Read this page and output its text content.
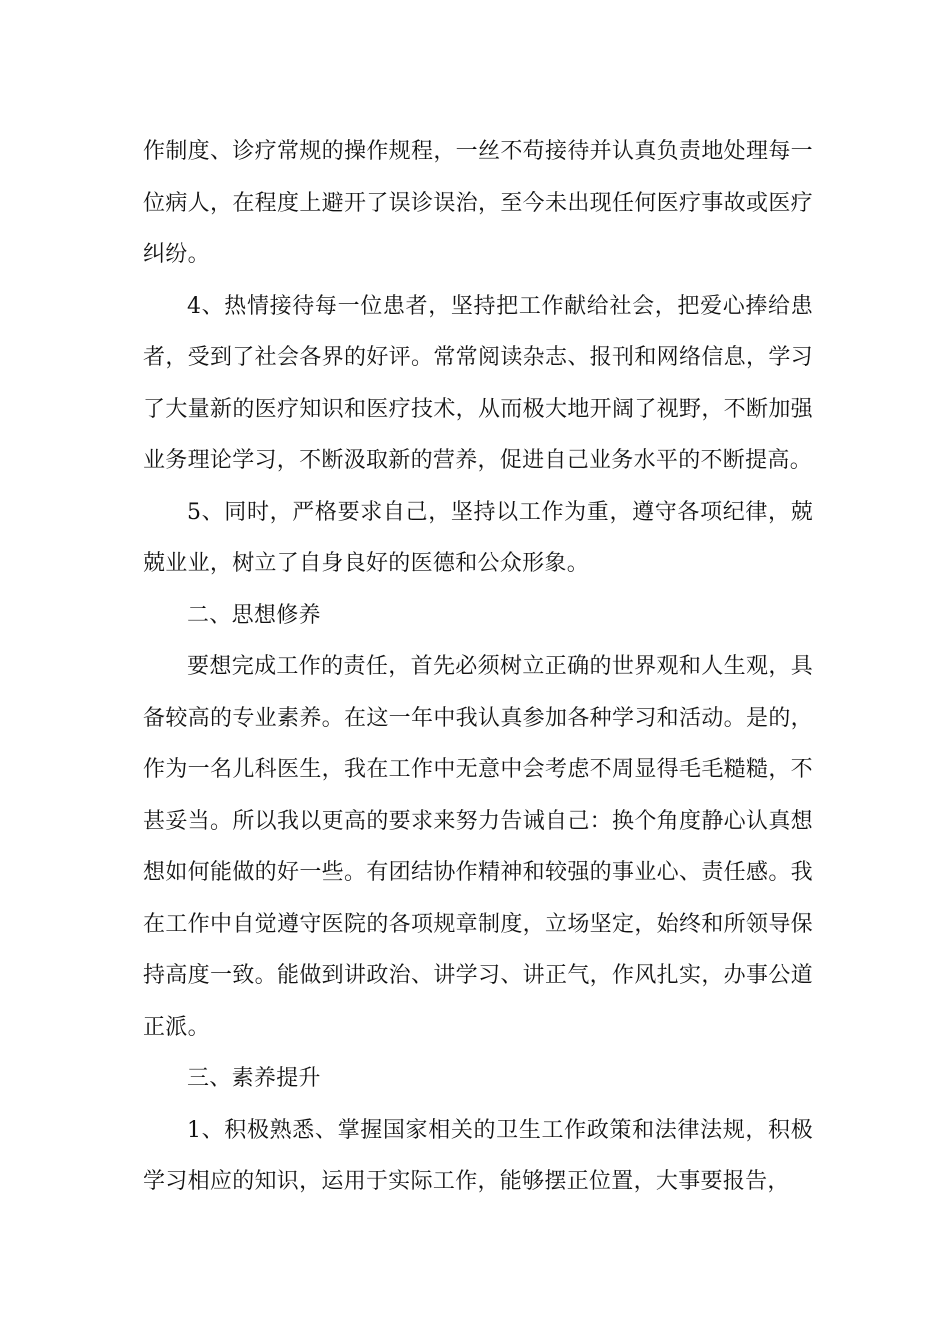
作制度、诊疗常规的操作规程，一丝不苟接待并认真负责地处理每一位病人，在程度上避开了误诊误治，至今未出现任何医疗事故或医疗纠纷。

4、热情接待每一位患者，坚持把工作献给社会，把爱心捧给患者，受到了社会各界的好评。常常阅读杂志、报刊和网络信息，学习了大量新的医疗知识和医疗技术，从而极大地开阔了视野，不断加强业务理论学习，不断汲取新的营养，促进自己业务水平的不断提高。

5、同时，严格要求自己，坚持以工作为重，遵守各项纪律，兢兢业业，树立了自身良好的医德和公众形象。

二、思想修养

要想完成工作的责任，首先必须树立正确的世界观和人生观，具备较高的专业素养。在这一年中我认真参加各种学习和活动。是的，作为一名儿科医生，我在工作中无意中会考虑不周显得毛毛糙糙，不甚妥当。所以我以更高的要求来努力告诫自己：换个角度静心认真想想如何能做的好一些。有团结协作精神和较强的事业心、责任感。我在工作中自觉遵守医院的各项规章制度，立场坚定，始终和所领导保持高度一致。能做到讲政治、讲学习、讲正气，作风扎实，办事公道正派。

三、素养提升

1、积极熟悉、掌握国家相关的卫生工作政策和法律法规，积极学习相应的知识，运用于实际工作，能够摆正位置，大事要报告，
